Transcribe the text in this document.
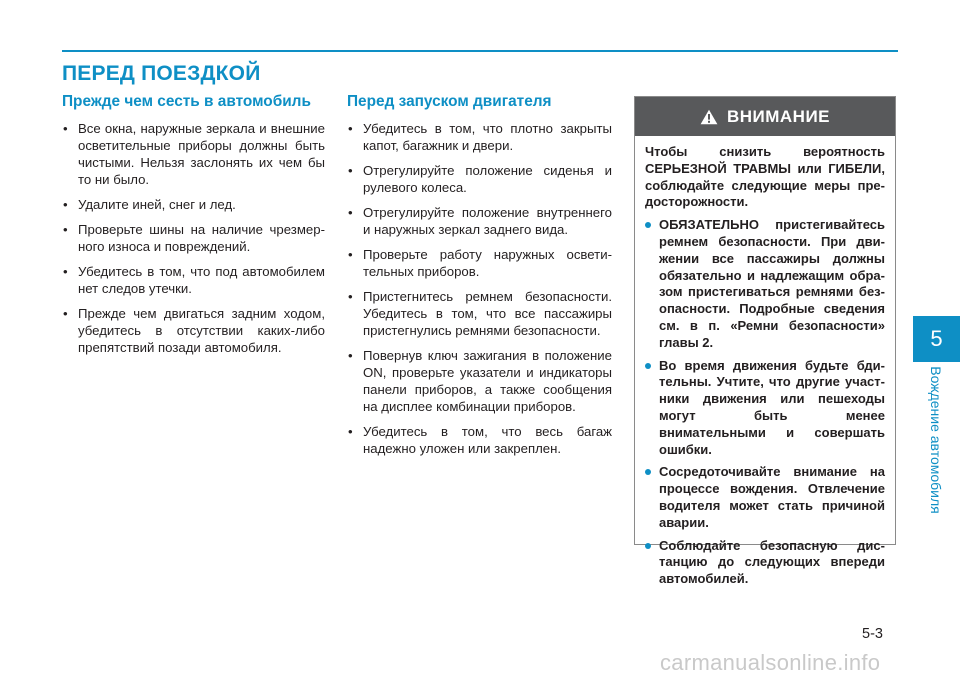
ПЕРЕД ПОЕЗДКОЙ
Прежде чем сесть в автомобиль
• Все окна, наружные зеркала и внешние осветительные приборы должны быть чистыми. Нельзя заслонять их чем бы то ни было.
• Удалите иней, снег и лед.
• Проверьте шины на наличие чрезмерного износа и повреждений.
• Убедитесь в том, что под автомобилем нет следов утечки.
• Прежде чем двигаться задним ходом, убедитесь в отсутствии каких-либо препятствий позади автомобиля.
Перед запуском двигателя
• Убедитесь в том, что плотно закрыты капот, багажник и двери.
• Отрегулируйте положение сиденья и рулевого колеса.
• Отрегулируйте положение внутреннего и наружных зеркал заднего вида.
• Проверьте работу наружных осветительных приборов.
• Пристегнитесь ремнем безопасности. Убедитесь в том, что все пассажиры пристегнулись ремнями безопасности.
• Повернув ключ зажигания в положение ON, проверьте указатели и индикаторы панели приборов, а также сообщения на дисплее комбинации приборов.
• Убедитесь в том, что весь багаж надежно уложен или закреплен.
ВНИМАНИЕ

Чтобы снизить вероятность СЕРЬЕЗНОЙ ТРАВМЫ или ГИБЕЛИ, соблюдайте следующие меры предосторожности.

ОБЯЗАТЕЛЬНО пристегивайтесь ремнем безопасности. При движении все пассажиры должны обязательно и надлежащим образом пристегиваться ремнями безопасности. Подробные сведения см. в п. «Ремни безопасности» главы 2.
Во время движения будьте бдительны. Учтите, что другие участники движения или пешеходы могут быть менее внимательными и совершать ошибки.
Сосредоточивайте внимание на процессе вождения. Отвлечение водителя может стать причиной аварии.
Соблюдайте безопасную дистанцию до следующих впереди автомобилей.
5
Вождение автомобиля
5-3
carmanualsonline.info
